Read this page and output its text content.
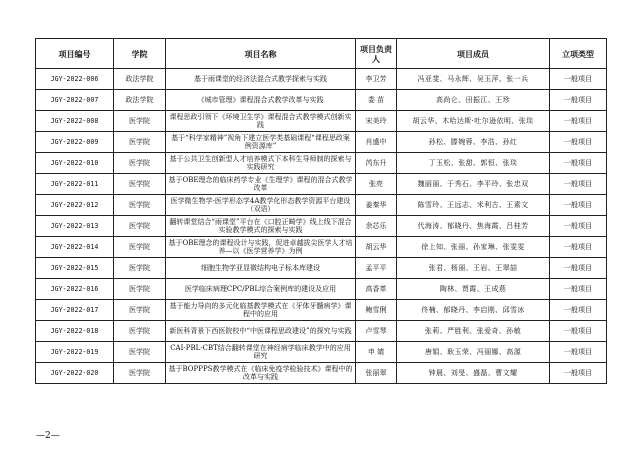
项目编号	学院	项目名称	项目负责人	项目成员	立项类型
JGY-2022-006	政法学院	基于雨课堂的经济法混合式教学探索与实践	李卫芳	冯亚斐、马永辉、吴玉萍、张一兵	一般项目
JGY-2022-007	政法学院	《城市管理》课程混合式教学改革与实践	娄 苗	高尚仑、田振江、王珍	一般项目
JGY-2022-008	医学院	课程思政引领下《环境卫生学》课程混合式教学模式创新实践	宋美玲	胡云华、木哈达斯·吐尔逊依明、张琰	一般项目
JGY-2022-009	医学院	基于“科学家精神”视角下建立医学类基础课程“课程思政案例资源库”	肖盛中	孙松、滕婉蓉、李浩、孙红	一般项目
JGY-2022-010	医学院	基于公共卫生创新型人才培养模式下本科生导师制的探索与实践研究	芮东升	丁玉松、张甜、郭恒、张琰	一般项目
JGY-2022-011	医学院	基于OBE理念的临床药学专业《生理学》课程的混合式教学改革	张亮	魏丽丽、于秀石、李平玲、张忠双	一般项目
JGY-2022-012	医学院	医学微生物学-医学形态学4A教学化形态教学资源平台建设（双语）	姜秦华	陈雪玲、王远志、米利古、王素文	一般项目
JGY-2022-013	医学院	翻转课堂结合“雨课堂”平台在《口腔正畸学》线上线下混合实验教学模式的探索与实践	余芯乐	代海涛、郁晓丹、焦海霞、吕桂芳	一般项目
JGY-2022-014	医学院	基于OBE理念的课程设计与实践，促进卓越拔尖医学人才培养—以《医学营养学》为例	胡云华	徐上知、张丽、孙家琳、张雯雯	一般项目
JGY-2022-015	医学院	细胞生物学亚显微结构电子标本库建设	孟平平	张君、杨丽、王岩、王翠喆	一般项目
JGY-2022-016	医学院	医学临床病理CPC/PBL综合案例库的建设及应用	高香革	陶林、贾霞、王成燕	一般项目
JGY-2022-017	医学院	基于能力导向的多元化临基教学模式在《牙体牙髓病学》课程中的应用	鲍雪俐	佟楠、郁晓丹、李启刚、邱雪冰	一般项目
JGY-2022-018	医学院	新医科背景下西医院校中“中医课程思政建设”的探究与实践	卢雪琴	张莉、严胜利、张爱奇、孙敏	一般项目
JGY-2022-019	医学院	CAI-PBL-CBT结合翻转课堂在神经病学临床教学中的应用研究	申 婧	唐娟、耿玉荣、冯丽娜、高源	一般项目
JGY-2022-020	医学院	基于BOPPPS教学模式在《临床免疫学检验技术》课程中的改革与实践	张丽翠	钟晨、刘旻、盛磊、曹文耀	一般项目
—2—
